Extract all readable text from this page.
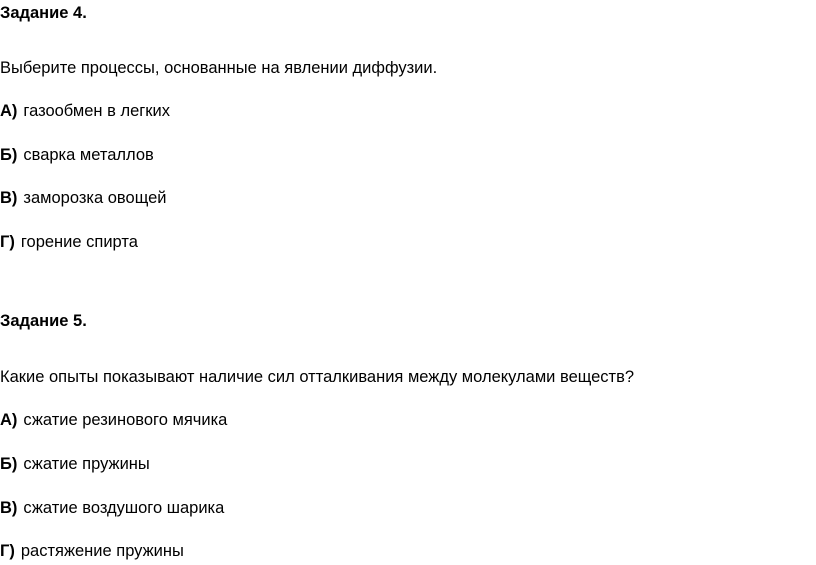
Задание 4.
Выберите процессы, основанные на явлении диффузии.
А) газообмен в легких
Б) сварка металлов
В) заморозка овощей
Г) горение спирта
Задание 5.
Какие опыты показывают наличие сил отталкивания между молекулами веществ?
А) сжатие резинового мячика
Б) сжатие пружины
В) сжатие воздушого шарика
Г) растяжение пружины
